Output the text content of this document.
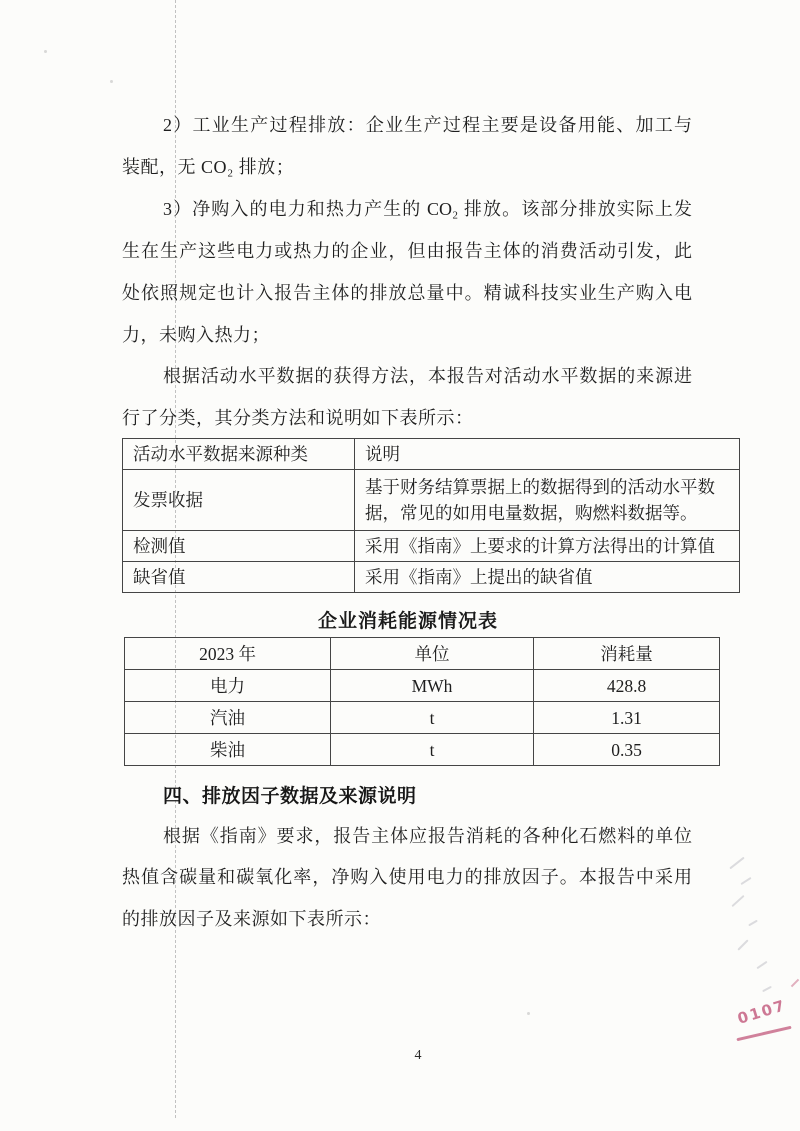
2）工业生产过程排放：企业生产过程主要是设备用能、加工与
装配，无 CO₂ 排放；
3）净购入的电力和热力产生的 CO₂ 排放。该部分排放实际上发
生在生产这些电力或热力的企业，但由报告主体的消费活动引发，此
处依照规定也计入报告主体的排放总量中。精诚科技实业生产购入电
力，未购入热力；
根据活动水平数据的获得方法，本报告对活动水平数据的来源进
行了分类，其分类方法和说明如下表所示：
活动水平数据来源种类	说明
发票收据	基于财务结算票据上的数据得到的活动水平数据，常见的如用电量数据，购燃料数据等。
检测值	采用《指南》上要求的计算方法得出的计算值
缺省值	采用《指南》上提出的缺省值
企业消耗能源情况表
2023 年	单位	消耗量
电力	MWh	428.8
汽油	t	1.31
柴油	t	0.35
四、排放因子数据及来源说明
根据《指南》要求，报告主体应报告消耗的各种化石燃料的单位
热值含碳量和碳氧化率，净购入使用电力的排放因子。本报告中采用
的排放因子及来源如下表所示：
4
0107
